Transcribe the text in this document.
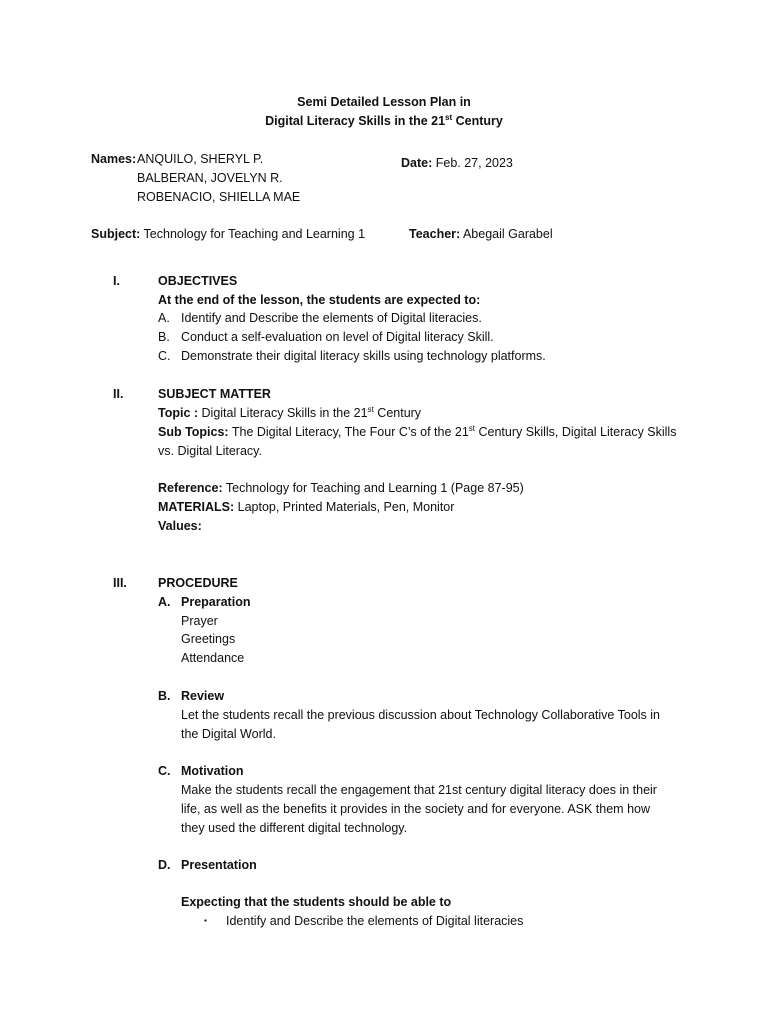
Semi Detailed Lesson Plan in
Digital Literacy Skills in the 21st Century
Names: ANQUILO, SHERYL P.
BALBERAN, JOVELYN R.
ROBENACIO, SHIELLA MAE
Date: Feb. 27, 2023
Subject: Technology for Teaching and Learning 1	Teacher: Abegail Garabel
I.	OBJECTIVES
At the end of the lesson, the students are expected to:
A. Identify and Describe the elements of Digital literacies.
B. Conduct a self-evaluation on level of Digital literacy Skill.
C. Demonstrate their digital literacy skills using technology platforms.
II.	SUBJECT MATTER
Topic : Digital Literacy Skills in the 21st Century
Sub Topics: The Digital Literacy, The Four C’s of the 21st Century Skills, Digital Literacy Skills
vs. Digital Literacy.
Reference: Technology for Teaching and Learning 1 (Page 87-95)
MATERIALS: Laptop, Printed Materials, Pen, Monitor
Values:
III. PROCEDURE
A. Preparation
Prayer
Greetings
Attendance
B. Review
Let the students recall the previous discussion about Technology Collaborative Tools in
the Digital World.
C. Motivation
Make the students recall the engagement that 21st century digital literacy does in their
life, as well as the benefits it provides in the society and for everyone. ASK them how
they used the different digital technology.
D. Presentation
Expecting that the students should be able to
▪ Identify and Describe the elements of Digital literacies
